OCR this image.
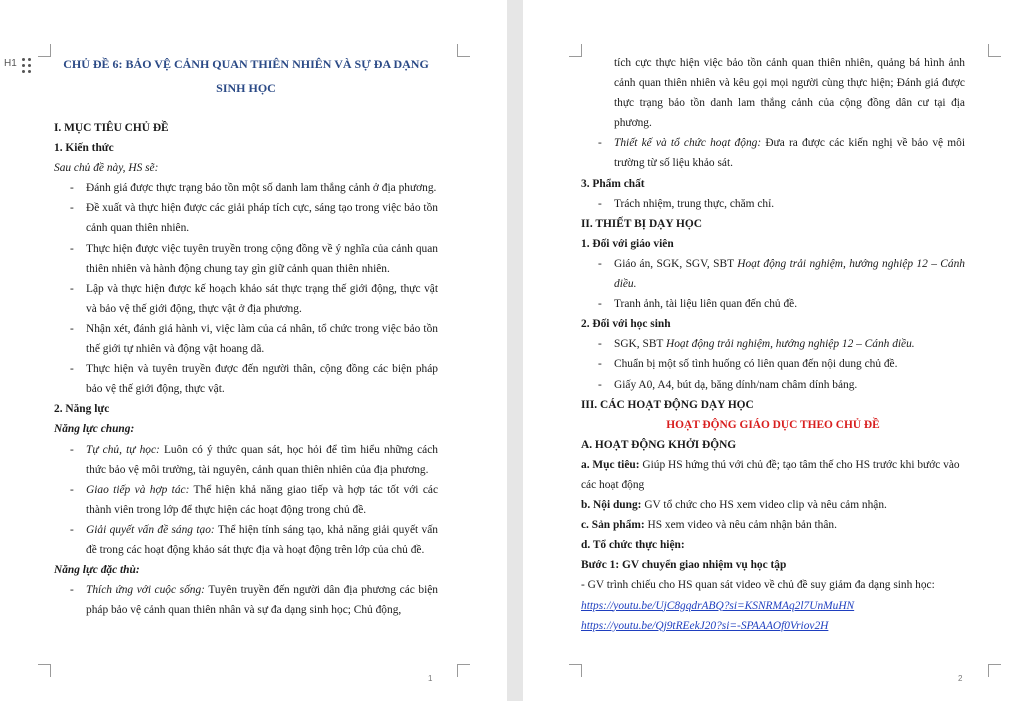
H1	CHỦ ĐỀ 6: BẢO VỆ CẢNH QUAN THIÊN NHIÊN VÀ SỰ ĐA DẠNG

SINH HỌC

I. MỤC TIÊU CHỦ ĐỀ

1. Kiến thức

Sau chủ đề này, HS sẽ:

- Đánh giá được thực trạng bảo tồn một số danh lam thắng cảnh ở địa phương.

- Đề xuất và thực hiện được các giải pháp tích cực, sáng tạo trong việc bảo tồn cảnh quan thiên nhiên.

- Thực hiện được việc tuyên truyền trong cộng đồng về ý nghĩa của cảnh quan thiên nhiên và hành động chung tay gìn giữ cảnh quan thiên nhiên.

- Lập và thực hiện được kế hoạch khảo sát thực trạng thế giới động, thực vật và bảo vệ thế giới động, thực vật ở địa phương.

- Nhận xét, đánh giá hành vi, việc làm của cá nhân, tổ chức trong việc bảo tồn thế giới tự nhiên và động vật hoang dã.

- Thực hiện và tuyên truyền được đến người thân, cộng đồng các biện pháp bảo vệ thế giới động, thực vật.

2. Năng lực

Năng lực chung:

- Tự chủ, tự học: Luôn có ý thức quan sát, học hỏi để tìm hiểu những cách thức bảo vệ môi trường, tài nguyên, cảnh quan thiên nhiên của địa phương.

- Giao tiếp và hợp tác: Thể hiện khả năng giao tiếp và hợp tác tốt với các thành viên trong lớp để thực hiện các hoạt động trong chủ đề.

- Giải quyết vấn đề sáng tạo: Thể hiện tính sáng tạo, khả năng giải quyết vấn đề trong các hoạt động khảo sát thực địa và hoạt động trên lớp của chủ đề.

Năng lực đặc thù:

- Thích ứng với cuộc sống: Tuyên truyền đến người dân địa phương các biện pháp bảo vệ cảnh quan thiên nhân và sự đa dạng sinh học; Chủ động,

1

tích cực thực hiện việc bảo tồn cảnh quan thiên nhiên, quảng bá hình ảnh cảnh quan thiên nhiên và kêu gọi mọi người cùng thực hiện; Đánh giá được thực trạng bảo tồn danh lam thắng cảnh của cộng đồng dân cư tại địa phương.

- Thiết kế và tổ chức hoạt động: Đưa ra được các kiến nghị về bảo vệ môi trường từ số liệu khảo sát.

3. Phẩm chất

- Trách nhiệm, trung thực, chăm chỉ.

II. THIẾT BỊ DẠY HỌC

1. Đối với giáo viên

- Giáo án, SGK, SGV, SBT Hoạt động trải nghiệm, hướng nghiệp 12 – Cánh diều.

- Tranh ảnh, tài liệu liên quan đến chủ đề.

2. Đối với học sinh

- SGK, SBT Hoạt động trải nghiệm, hướng nghiệp 12 – Cánh diều.

- Chuẩn bị một số tình huống có liên quan đến nội dung chủ đề.

- Giấy A0, A4, bút dạ, băng dính/nam châm dính bảng.

III. CÁC HOẠT ĐỘNG DẠY HỌC

HOẠT ĐỘNG GIÁO DỤC THEO CHỦ ĐỀ

A. HOẠT ĐỘNG KHỞI ĐỘNG

a. Mục tiêu: Giúp HS hứng thú với chủ đề; tạo tâm thế cho HS trước khi bước vào các hoạt động

b. Nội dung: GV tổ chức cho HS xem video clip và nêu cảm nhận.

c. Sản phẩm: HS xem video và nêu cảm nhận bản thân.

d. Tổ chức thực hiện:

Bước 1: GV chuyển giao nhiệm vụ học tập

- GV trình chiếu cho HS quan sát video về chủ đề suy giảm đa dạng sinh học:

https://youtu.be/UjC8gqdrABQ?si=KSNRMAq2l7UnMuHN

https://youtu.be/Qj9tREekJ20?si=-SPAAAOf0Vriov2H

2
